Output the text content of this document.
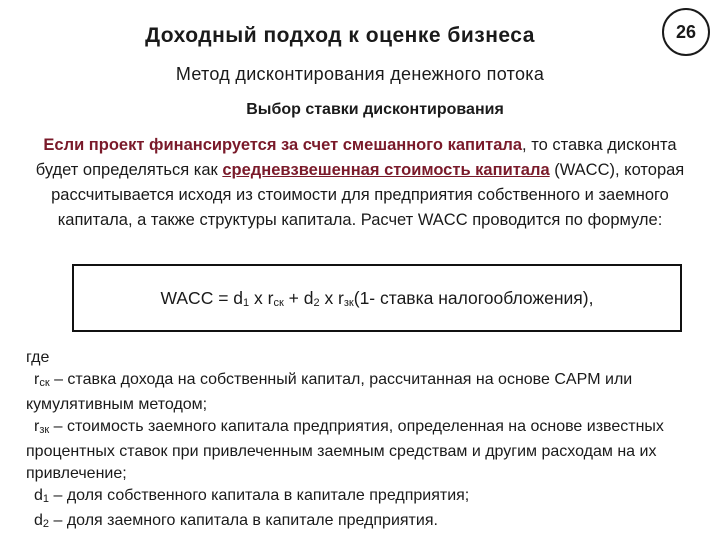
Доходный подход к оценке бизнеса	26
Метод дисконтирования денежного потока
Выбор ставки дисконтирования
Если проект финансируется за счет смешанного капитала, то ставка дисконта будет определяться как средневзвешенная стоимость капитала (WACC), которая рассчитывается исходя из стоимости для предприятия собственного и заемного капитала, а также структуры капитала. Расчет WACC проводится по формуле:
WACC = $d_1$ x $r_{ск} + d_2$ x $r_{зк}(1-$ ставка налогообложения),
где
$r_{ск}$ – ставка дохода на собственный капитал, рассчитанная на основе CAPM или кумулятивным методом;
$r_{зк}$ – стоимость заемного капитала предприятия, определенная на основе известных процентных ставок при привлеченным заемным средствам и другим расходам на их привлечение;
$d_1$ – доля собственного капитала в капитале предприятия;
$d_2$ – доля заемного капитала в капитале предприятия.
